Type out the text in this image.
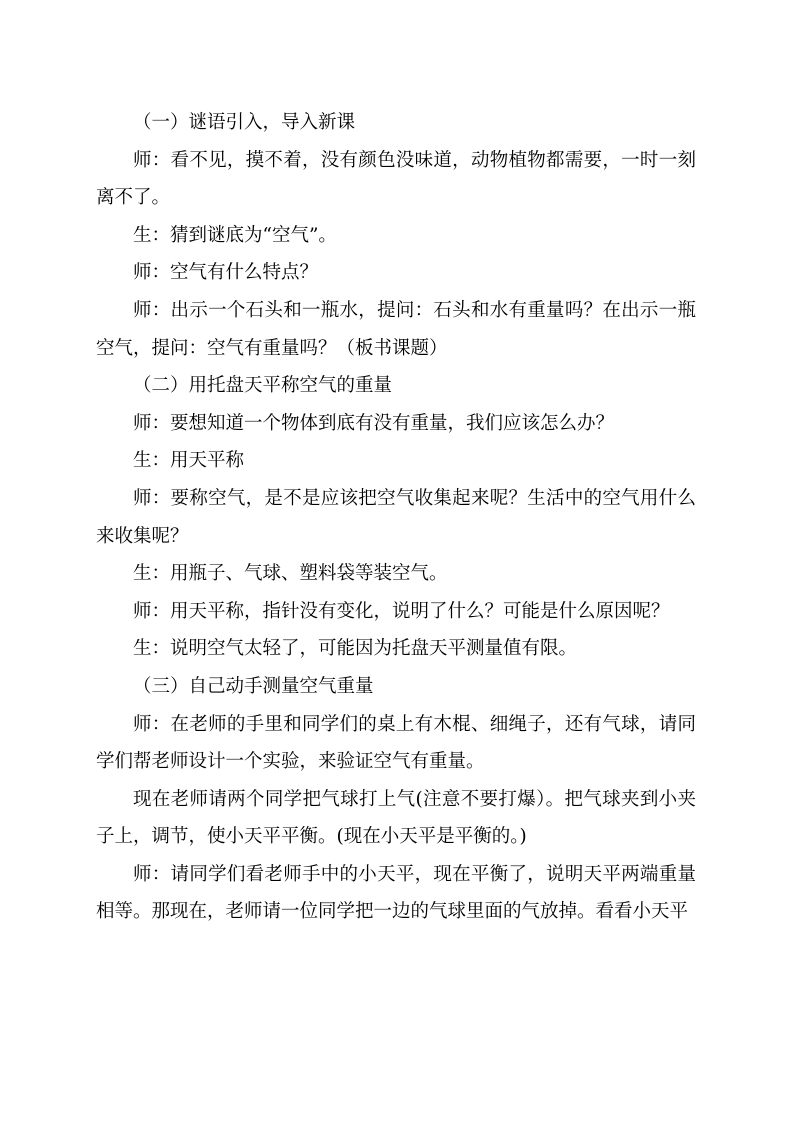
（一）谜语引入，导入新课

师：看不见，摸不着，没有颜色没味道，动物植物都需要，一时一刻离不了。

生：猜到谜底为“空气”。

师：空气有什么特点？

师：出示一个石头和一瓶水，提问：石头和水有重量吗？在出示一瓶空气，提问：空气有重量吗？（板书课题）

（二）用托盘天平称空气的重量

师：要想知道一个物体到底有没有重量，我们应该怎么办？

生：用天平称

师：要称空气，是不是应该把空气收集起来呢？生活中的空气用什么来收集呢？

生：用瓶子、气球、塑料袋等装空气。

师：用天平称，指针没有变化，说明了什么？可能是什么原因呢？

生：说明空气太轻了，可能因为托盘天平测量值有限。

（三）自己动手测量空气重量

师：在老师的手里和同学们的桌上有木棍、细绳子，还有气球，请同学们帮老师设计一个实验，来验证空气有重量。

现在老师请两个同学把气球打上气(注意不要打爆）。把气球夹到小夹子上，调节，使小天平平衡。(现在小天平是平衡的。)

师：请同学们看老师手中的小天平，现在平衡了，说明天平两端重量相等。那现在，老师请一位同学把一边的气球里面的气放掉。看看小天平
